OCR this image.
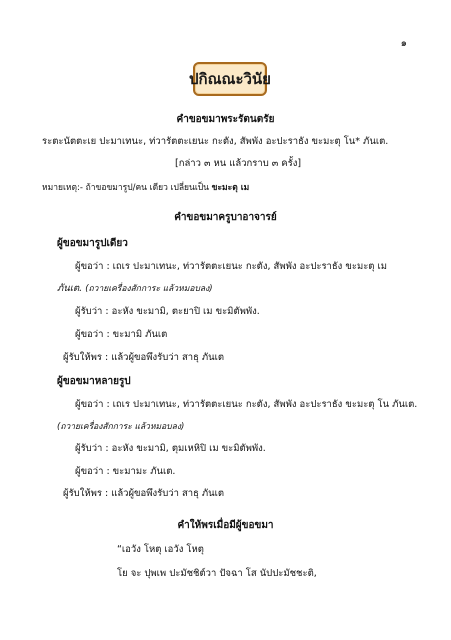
๑
ปกิณณะวินัย
คำขอขมาพระรัตนตรัย
ระตะนัตตะเย ปะมาเทนะ, ท่วารัตตะเยนะ กะตัง, สัพพัง อะปะราธัง ขะมะตุ โน* ภันเต.
[กล่าว ๓ หน แล้วกราบ ๓ ครั้ง]
หมายเหตุ:- ถ้าขอขมารูป/คน เดียว เปลี่ยนเป็น ขะมะตุ เม
คำขอขมาครูบาอาจารย์
ผู้ขอขมารูปเดียว
ผู้ขอว่า : เถเร ปะมาเทนะ, ท่วารัตตะเยนะ กะตัง, สัพพัง อะปะราธัง ขะมะตุ เม
ภันเต. (ถวายเครื่องสักการะ แล้วหมอบลง)
ผู้รับว่า : อะหัง ขะมามิ, ตะยาปิ เม ขะมิตัพพัง.
ผู้ขอว่า : ขะมามิ ภันเต
ผู้รับให้พร : แล้วผู้ขอพึงรับว่า สาธุ ภันเต
ผู้ขอขมาหลายรูป
ผู้ขอว่า : เถเร ปะมาเทนะ, ท่วารัตตะเยนะ กะตัง, สัพพัง อะปะราธัง ขะมะตุ โน ภันเต.
(ถวายเครื่องสักการะ แล้วหมอบลง)
ผู้รับว่า : อะหัง ขะมามิ, ตุมเหหิปิ เม ขะมิตัพพัง.
ผู้ขอว่า : ขะมามะ ภันเต.
ผู้รับให้พร : แล้วผู้ขอพึงรับว่า สาธุ ภันเต
คำให้พรเมื่อมีผู้ขอขมา
“เอวัง โหตุ เอวัง โหตุ
โย จะ ปุพเพ ปะมัชชิต์วา ปัจฉา โส นัปปะมัชชะติ,
